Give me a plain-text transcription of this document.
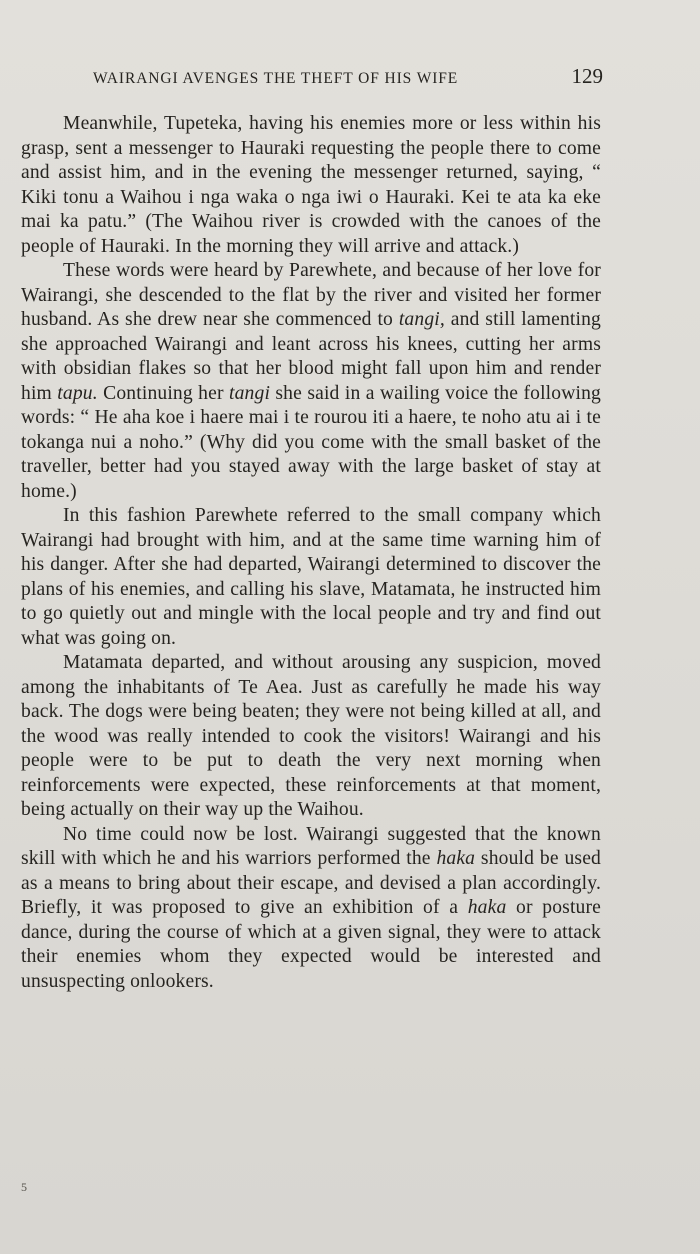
WAIRANGI AVENGES THE THEFT OF HIS WIFE	129

Meanwhile, Tupeteka, having his enemies more or less within his grasp, sent a messenger to Hauraki requesting the people there to come and assist him, and in the evening the messenger returned, saying, “ Kiki tonu a Waihou i nga waka o nga iwi o Hauraki. Kei te ata ka eke mai ka patu.” (The Waihou river is crowded with the canoes of the people of Hauraki. In the morning they will arrive and attack.)

These words were heard by Parewhete, and because of her love for Wairangi, she descended to the flat by the river and visited her former husband. As she drew near she commenced to tangi, and still lamenting she approached Wairangi and leant across his knees, cutting her arms with obsidian flakes so that her blood might fall upon him and render him tapu. Continuing her tangi she said in a wailing voice the following words: “ He aha koe i haere mai i te rourou iti a haere, te noho atu ai i te tokanga nui a noho.” (Why did you come with the small basket of the traveller, better had you stayed away with the large basket of stay at home.)

In this fashion Parewhete referred to the small company which Wairangi had brought with him, and at the same time warning him of his danger. After she had departed, Wairangi determined to discover the plans of his enemies, and calling his slave, Matamata, he instructed him to go quietly out and mingle with the local people and try and find out what was going on.

Matamata departed, and without arousing any suspicion, moved among the inhabitants of Te Aea. Just as carefully he made his way back. The dogs were being beaten; they were not being killed at all, and the wood was really intended to cook the visitors! Wairangi and his people were to be put to death the very next morning when reinforcements were expected, these reinforcements at that moment, being actually on their way up the Waihou.

No time could now be lost. Wairangi suggested that the known skill with which he and his warriors performed the haka should be used as a means to bring about their escape, and devised a plan accordingly. Briefly, it was proposed to give an exhibition of a haka or posture dance, during the course of which at a given signal, they were to attack their enemies whom they expected would be interested and unsuspecting onlookers.

5
